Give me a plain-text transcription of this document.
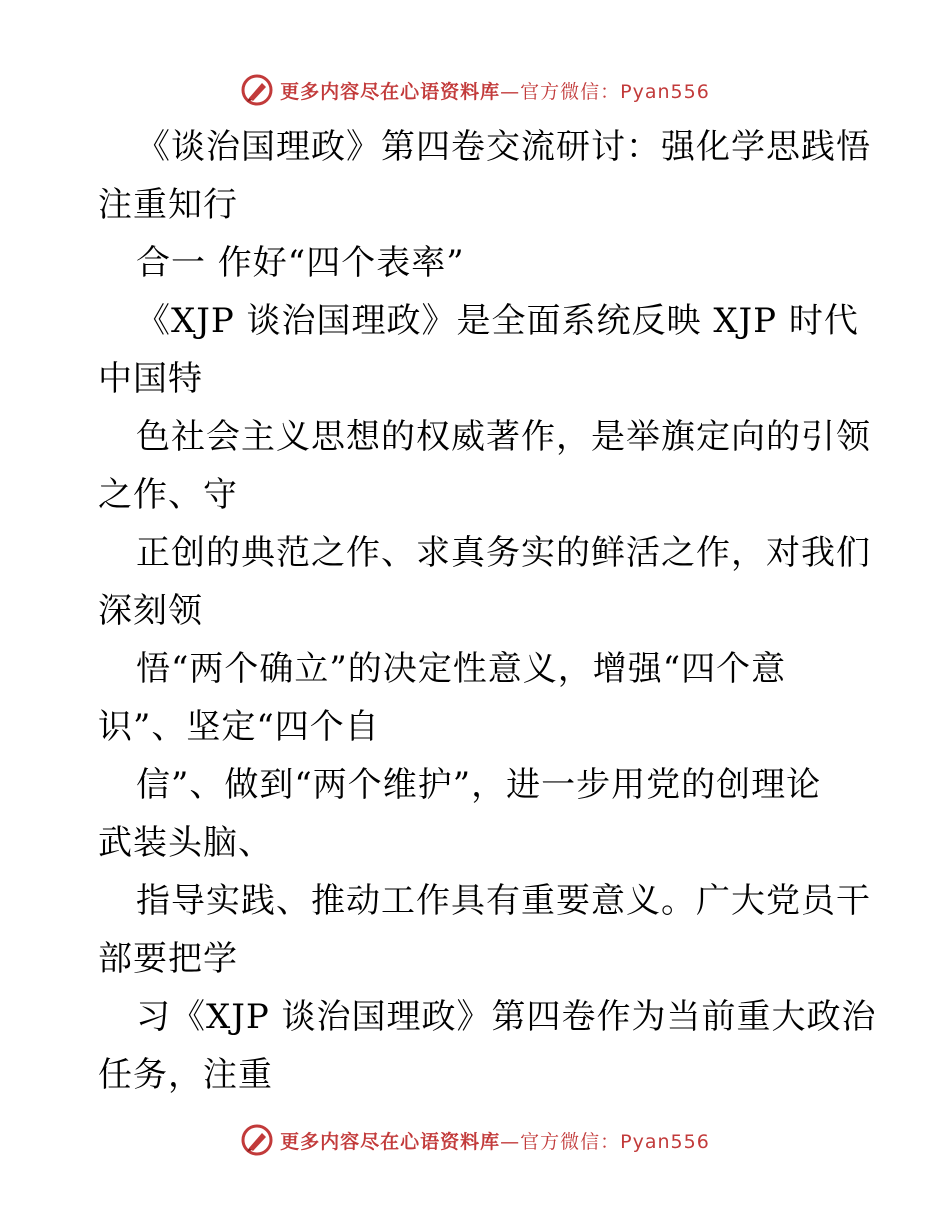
更多内容尽在心语资料库 —官方微信：Pyan556
《谈治国理政》第四卷交流研讨：强化学思践悟
注重知行
合一 作好“四个表率”
《XJP 谈治国理政》是全面系统反映 XJP 时代
中国特
色社会主义思想的权威著作，是举旗定向的引领
之作、守
正创的典范之作、求真务实的鲜活之作，对我们
深刻领
悟“两个确立”的决定性意义，增强“四个意
识”、坚定“四个自
信”、做到“两个维护”，进一步用党的创理论
武装头脑、
指导实践、推动工作具有重要意义。广大党员干
部要把学
习《XJP 谈治国理政》第四卷作为当前重大政治
任务，注重
更多内容尽在心语资料库 —官方微信：Pyan556
